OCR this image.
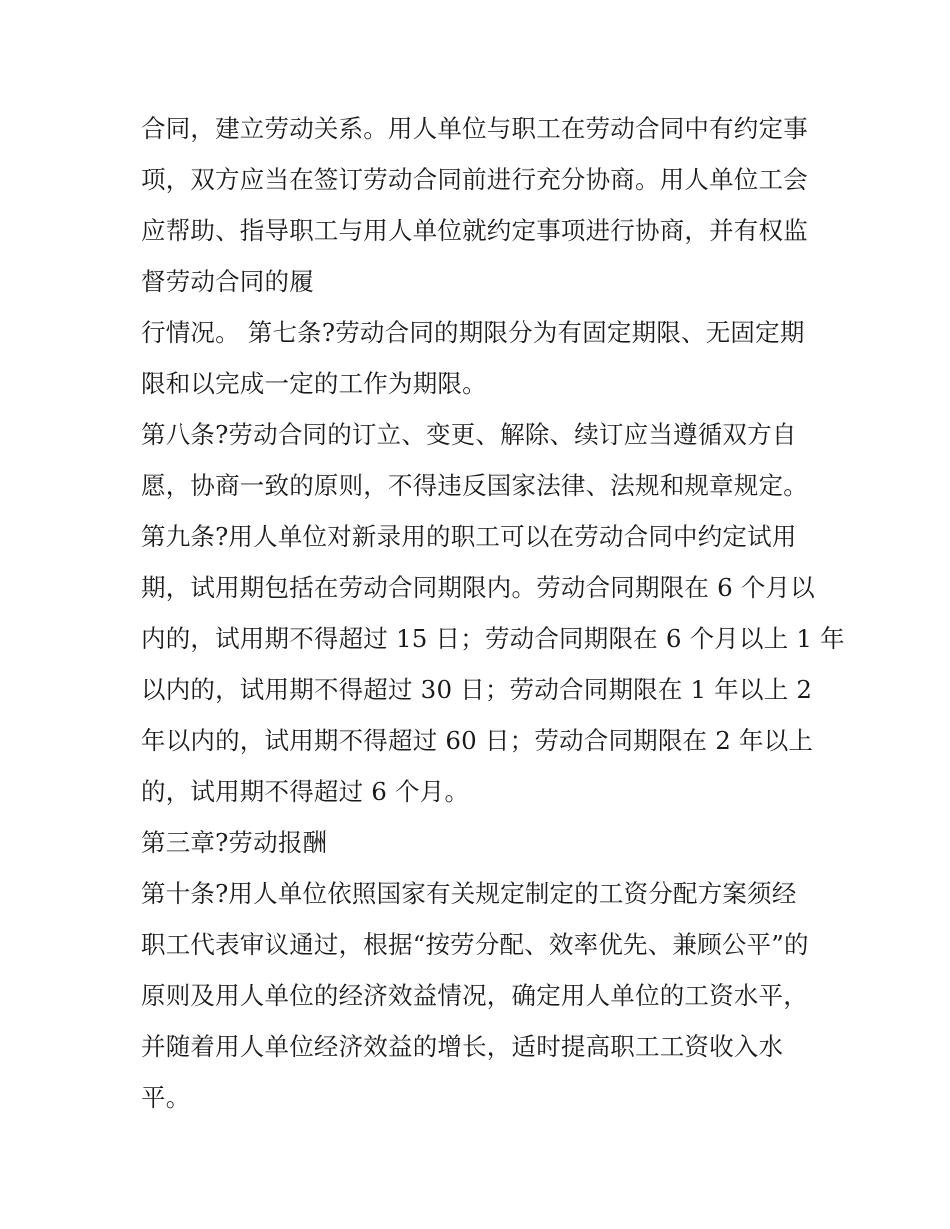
合同，建立劳动关系。用人单位与职工在劳动合同中有约定事
项，双方应当在签订劳动合同前进行充分协商。用人单位工会
应帮助、指导职工与用人单位就约定事项进行协商，并有权监
督劳动合同的履
行情况。 第七条?劳动合同的期限分为有固定期限、无固定期
限和以完成一定的工作为期限。
第八条?劳动合同的订立、变更、解除、续订应当遵循双方自
愿，协商一致的原则，不得违反国家法律、法规和规章规定。
第九条?用人单位对新录用的职工可以在劳动合同中约定试用
期，试用期包括在劳动合同期限内。劳动合同期限在 6 个月以
内的，试用期不得超过 15 日；劳动合同期限在 6 个月以上 1 年
以内的，试用期不得超过 30 日；劳动合同期限在 1 年以上 2
年以内的，试用期不得超过 60 日；劳动合同期限在 2 年以上
的，试用期不得超过 6 个月。
第三章?劳动报酬
第十条?用人单位依照国家有关规定制定的工资分配方案须经
职工代表审议通过，根据“按劳分配、效率优先、兼顾公平”的
原则及用人单位的经济效益情况，确定用人单位的工资水平，
并随着用人单位经济效益的增长，适时提高职工工资收入水
平。
